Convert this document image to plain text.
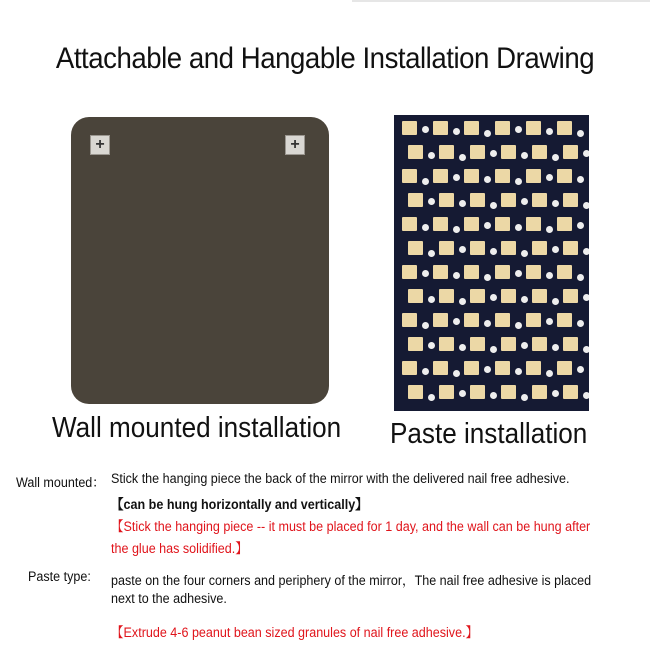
Attachable and Hangable Installation Drawing
+	+
Wall mounted installation Paste installation
Wall mounted： Stick the hanging piece the back of the mirror with the delivered nail free adhesive.
【can be hung horizontally and vertically】
【Stick the hanging piece -- it must be placed for 1 day, and the wall can be hung after
the glue has solidified.】
Paste type: paste on the four corners and periphery of the mirror，The nail free adhesive is placed
next to the adhesive.
【Extrude 4-6 peanut bean sized granules of nail free adhesive.】
